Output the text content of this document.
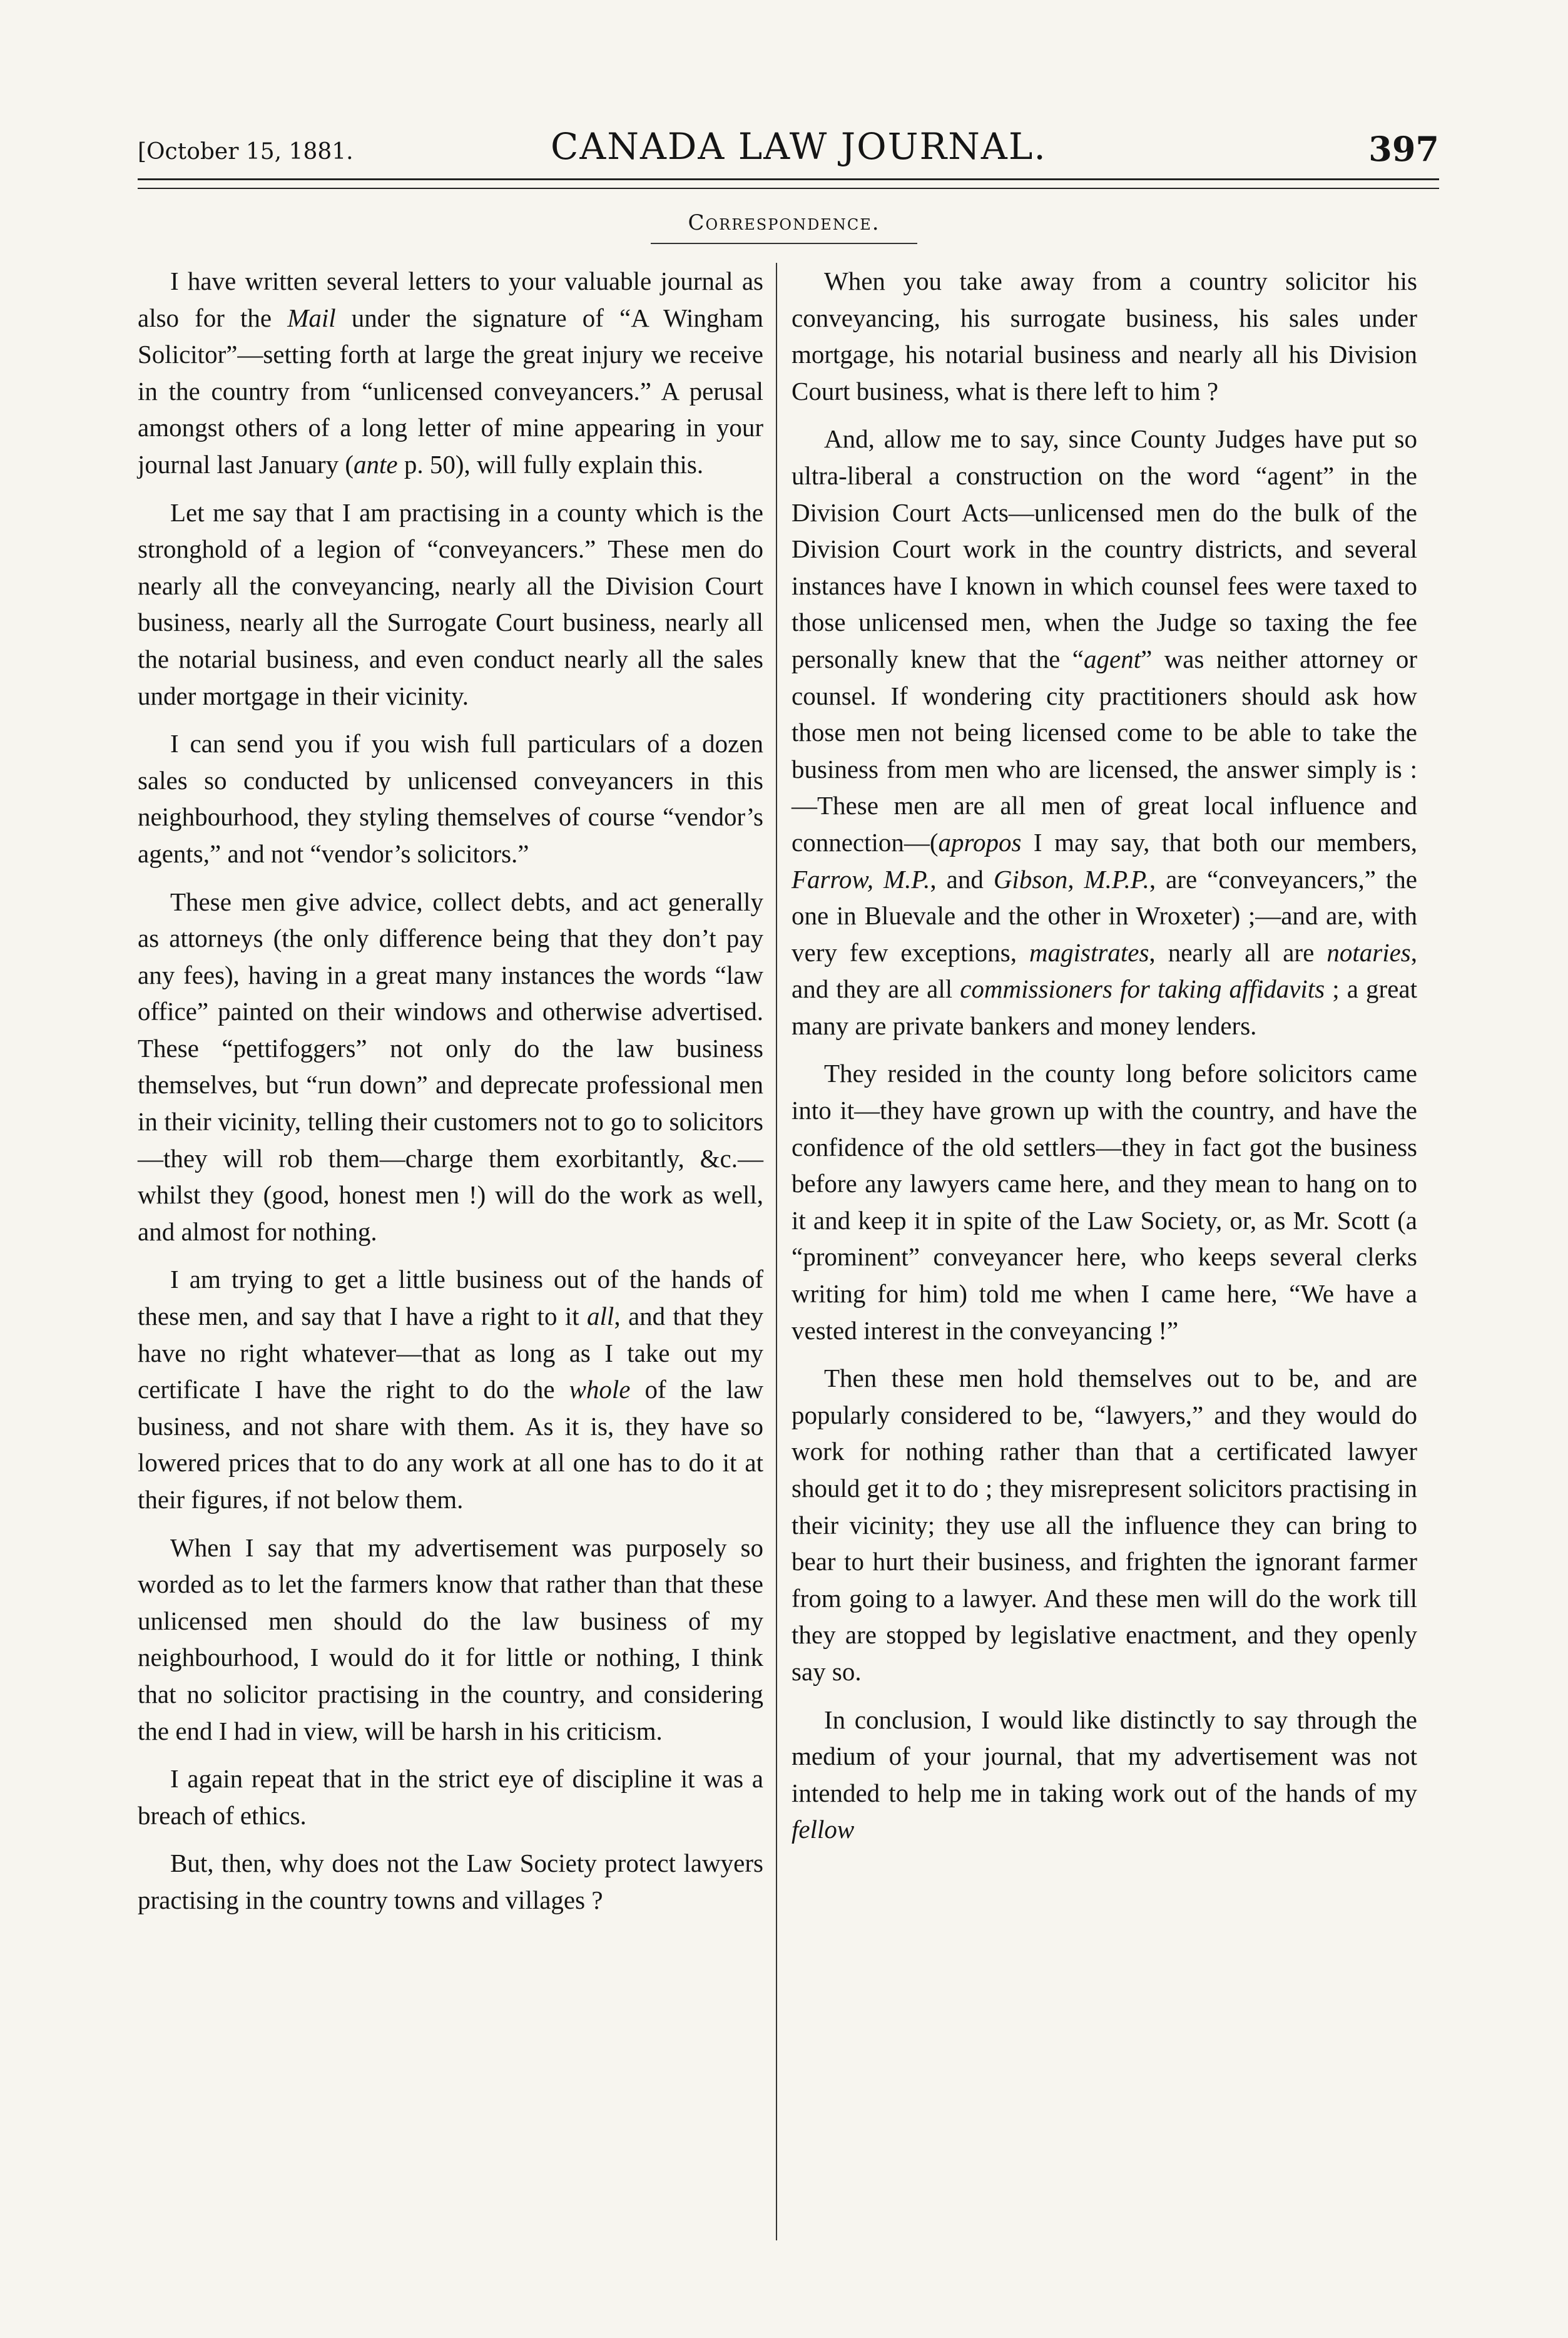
[October 15, 1881.	CANADA LAW JOURNAL.	397
Correspondence.

I have written several letters to your valuable journal as also for the Mail under the signature of “A Wingham Solicitor”—setting forth at large the great injury we receive in the country from “unlicensed conveyancers.” A perusal amongst others of a long letter of mine appearing in your journal last January (ante p. 50), will fully explain this.

Let me say that I am practising in a county which is the stronghold of a legion of “conveyancers.” These men do nearly all the conveyancing, nearly all the Division Court business, nearly all the Surrogate Court business, nearly all the notarial business, and even conduct nearly all the sales under mortgage in their vicinity.

I can send you if you wish full particulars of a dozen sales so conducted by unlicensed conveyancers in this neighbourhood, they styling themselves of course “vendor’s agents,” and not “vendor’s solicitors.”

These men give advice, collect debts, and act generally as attorneys (the only difference being that they don’t pay any fees), having in a great many instances the words “law office” painted on their windows and otherwise advertised. These “pettifoggers” not only do the law business themselves, but “run down” and deprecate professional men in their vicinity, telling their customers not to go to solicitors—they will rob them—charge them exorbitantly, &c.—whilst they (good, honest men !) will do the work as well, and almost for nothing.

I am trying to get a little business out of the hands of these men, and say that I have a right to it all, and that they have no right whatever—that as long as I take out my certificate I have the right to do the whole of the law business, and not share with them. As it is, they have so lowered prices that to do any work at all one has to do it at their figures, if not below them.

When I say that my advertisement was purposely so worded as to let the farmers know that rather than that these unlicensed men should do the law business of my neighbourhood, I would do it for little or nothing, I think that no solicitor practising in the country, and considering the end I had in view, will be harsh in his criticism.

I again repeat that in the strict eye of discipline it was a breach of ethics.

But, then, why does not the Law Society protect lawyers practising in the country towns and villages ?

When you take away from a country solicitor his conveyancing, his surrogate business, his sales under mortgage, his notarial business and nearly all his Division Court business, what is there left to him ?

And, allow me to say, since County Judges have put so ultra-liberal a construction on the word “agent” in the Division Court Acts—unlicensed men do the bulk of the Division Court work in the country districts, and several instances have I known in which counsel fees were taxed to those unlicensed men, when the Judge so taxing the fee personally knew that the “agent” was neither attorney or counsel. If wondering city practitioners should ask how those men not being licensed come to be able to take the business from men who are licensed, the answer simply is :—These men are all men of great local influence and connection—(apropos I may say, that both our members, Farrow, M.P., and Gibson, M.P.P., are “conveyancers,” the one in Bluevale and the other in Wroxeter) ;—and are, with very few exceptions, magistrates, nearly all are notaries, and they are all commissioners for taking affidavits ; a great many are private bankers and money lenders.

They resided in the county long before solicitors came into it—they have grown up with the country, and have the confidence of the old settlers—they in fact got the business before any lawyers came here, and they mean to hang on to it and keep it in spite of the Law Society, or, as Mr. Scott (a “prominent” conveyancer here, who keeps several clerks writing for him) told me when I came here, “We have a vested interest in the conveyancing !”

Then these men hold themselves out to be, and are popularly considered to be, “lawyers,” and they would do work for nothing rather than that a certificated lawyer should get it to do ; they misrepresent solicitors practising in their vicinity; they use all the influence they can bring to bear to hurt their business, and frighten the ignorant farmer from going to a lawyer. And these men will do the work till they are stopped by legislative enactment, and they openly say so.

In conclusion, I would like distinctly to say through the medium of your journal, that my advertisement was not intended to help me in taking work out of the hands of my fellow
